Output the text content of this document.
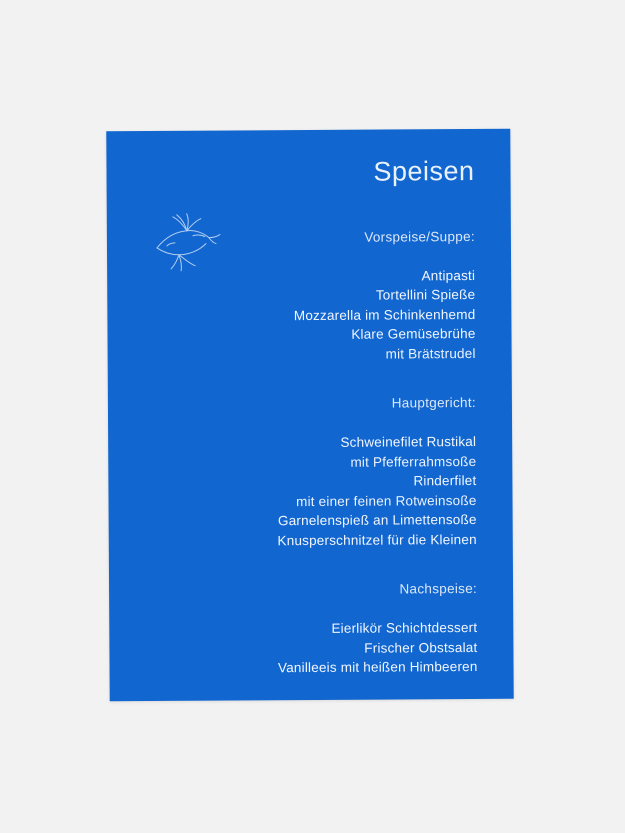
Speisen

Vorspeise/Suppe:

Antipasti
Tortellini Spieße
Mozzarella im Schinkenhemd
Klare Gemüsebrühe
mit Brätstrudel

Hauptgericht:

Schweinefilet Rustikal
mit Pfefferrahmsoße
Rinderfilet
mit einer feinen Rotweinsoße
Garnelenspieß an Limettensoße
Knusperschnitzel für die Kleinen

Nachspeise:

Eierlikör Schichtdessert
Frischer Obstsalat
Vanilleeis mit heißen Himbeeren
